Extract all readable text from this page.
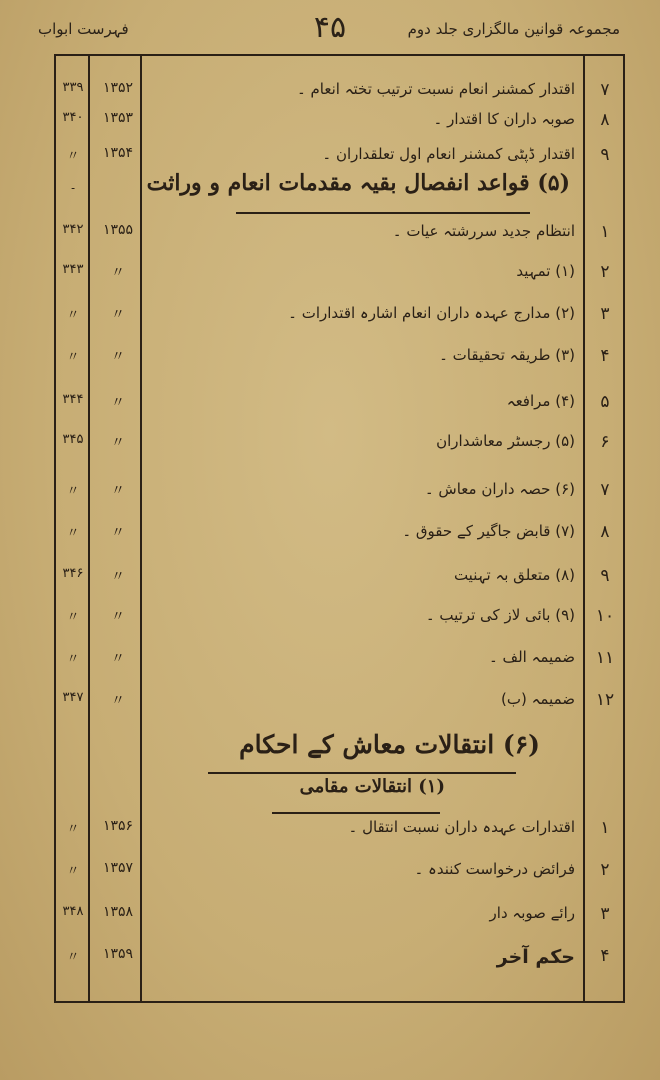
مجموعہ قوانین مالگزاری جلد دوم
۴۵
فہرست ابواب
۷
اقتدار کمشنر انعام نسبت ترتیب تختہ انعام ۔
۱۳۵۲
۳۳۹
۸
صوبہ داران کا اقتدار ۔
۱۳۵۳
۳۴۰
۹
اقتدار ڈپٹی کمشنر انعام اول تعلقداران ۔
۱۳۵۴
〃
۔	(۵) قواعد انفصال بقیہ مقدمات انعام و وراثت
۱
انتظام جدید سررشتہ عیات ۔
۱۳۵۵
۳۴۲
۲
(۱) تمہید
〃
۳۴۳
۳
(۲) مدارج عہدہ داران انعام اشارہ اقتدارات ۔
〃
〃
۴
(۳) طریقہ تحقیقات ۔
〃
〃
۵
(۴) مرافعہ
〃
۳۴۴
۶
(۵) رجسٹر معاشداران
〃
۳۴۵
۷
(۶) حصہ داران معاش ۔
〃
〃
۸
(۷) قابض جاگیر کے حقوق ۔
〃
〃
۹
(۸) متعلق بہ تہنیت
〃
۳۴۶
۱۰
(۹) بائی لاز کی ترتیب ۔
〃
〃
۱۱
ضمیمہ الف ۔
〃
〃
۱۲
ضمیمہ (ب)
〃
۳۴۷
(۶) انتقالات معاش کے احکام
(۱) انتقالات مقامی
۱
اقتدارات عہدہ داران نسبت انتقال ۔
۱۳۵۶
〃
۲
فرائض درخواست کنندہ ۔
۱۳۵۷
〃
۳
رائے صوبہ دار
۱۳۵۸
۳۴۸
۴
حکم آخر
۱۳۵۹
〃
